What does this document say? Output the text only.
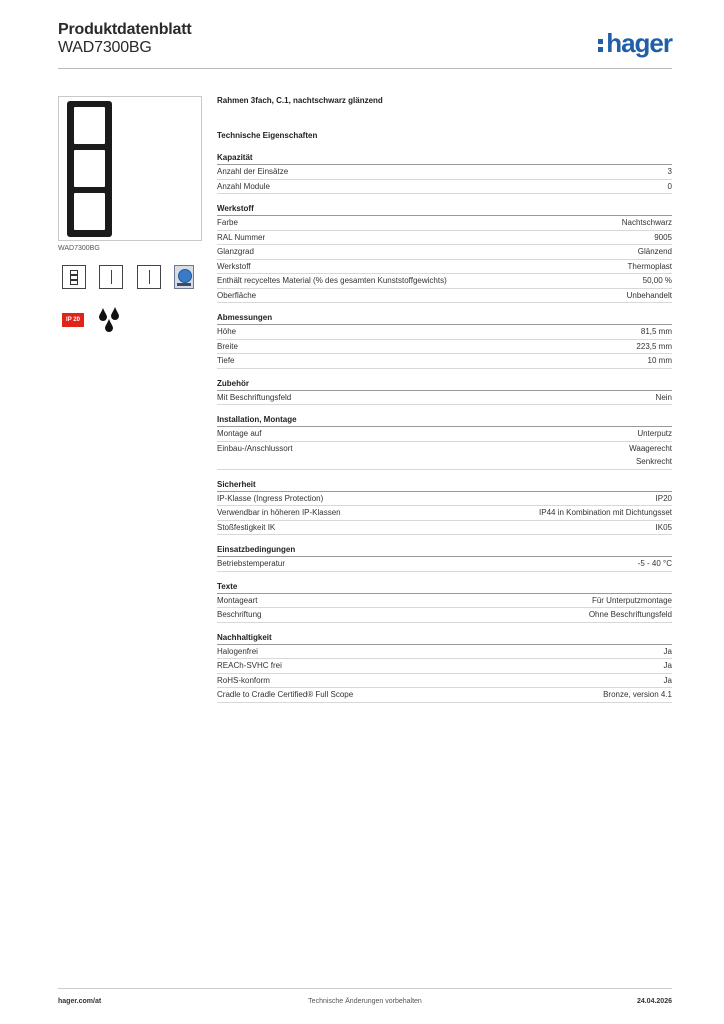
Produktdatenblatt
WAD7300BG	hager
WAD7300BG
IP 20
Rahmen 3fach, C.1, nachtschwarz glänzend
Technische Eigenschaften
Kapazität
Anzahl der Einsätze	3
Anzahl Module	0
Werkstoff
Farbe	Nachtschwarz
RAL Nummer	9005
Glanzgrad	Glänzend
Werkstoff	Thermoplast
Enthält recyceltes Material (% des gesamten Kunststoffgewichts)	50,00 %
Oberfläche	Unbehandelt
Abmessungen
Höhe	81,5 mm
Breite	223,5 mm
Tiefe	10 mm
Zubehör
Mit Beschriftungsfeld	Nein
Installation, Montage
Montage auf	Unterputz
Einbau-/Anschlussort	Waagerecht
Senkrecht
Sicherheit
IP-Klasse (Ingress Protection)	IP20
Verwendbar in höheren IP-Klassen	IP44 in Kombination mit Dichtungsset
Stoßfestigkeit IK	IK05
Einsatzbedingungen
Betriebstemperatur	-5 - 40 °C
Texte
Montageart	Für Unterputzmontage
Beschriftung	Ohne Beschriftungsfeld
Nachhaltigkeit
Halogenfrei	Ja
REACh-SVHC frei	Ja
RoHS-konform	Ja
Cradle to Cradle Certified® Full Scope	Bronze, version 4.1
hager.com/at	Technische Änderungen vorbehalten	24.04.2026
